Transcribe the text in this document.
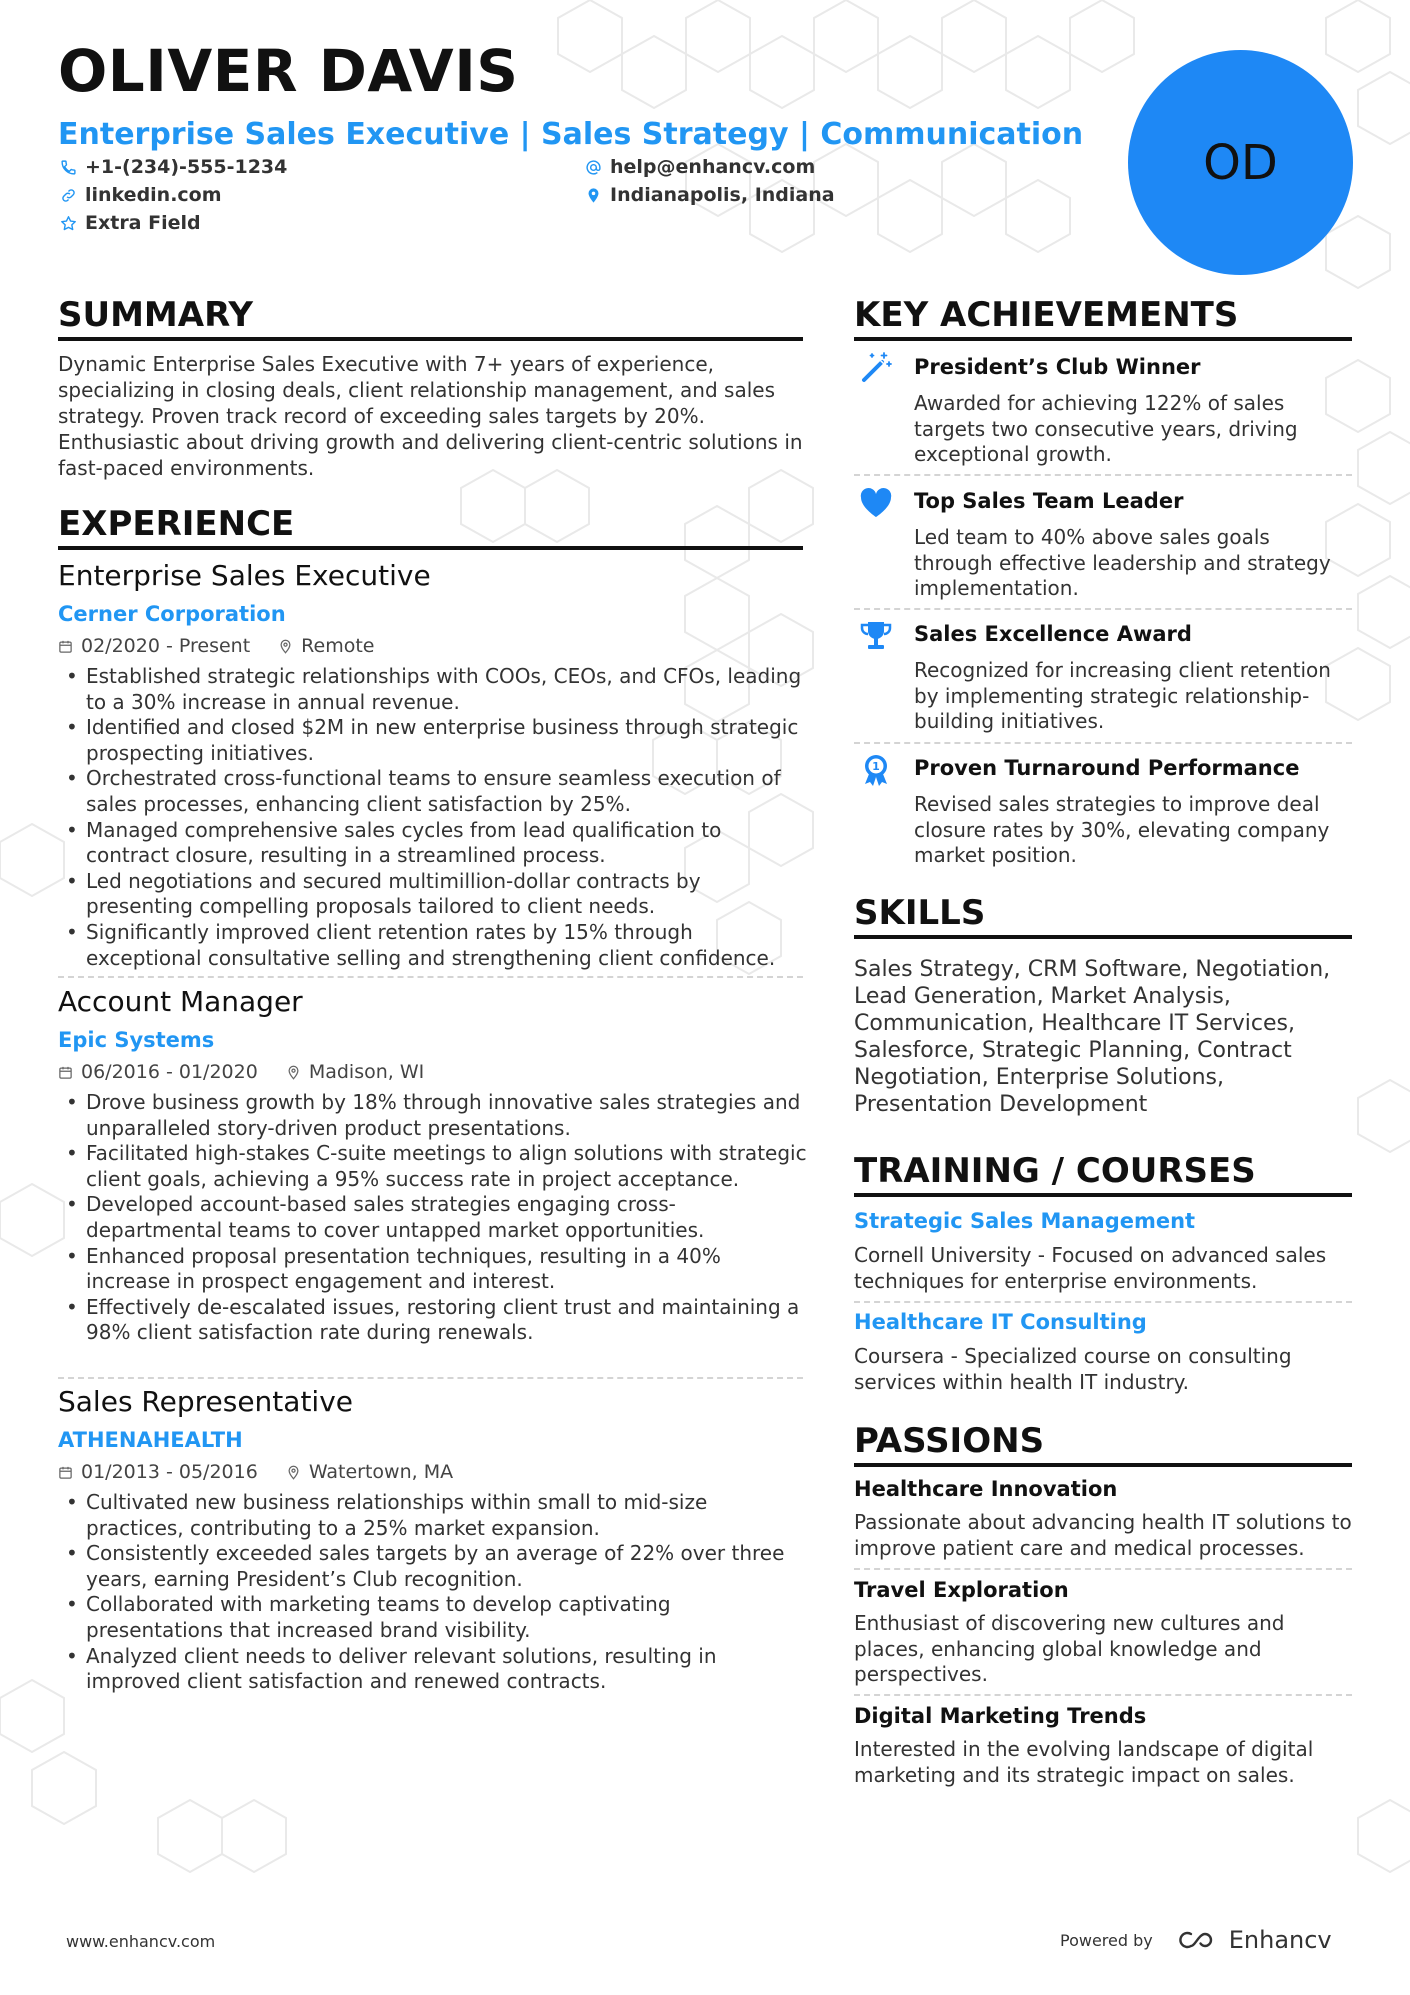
OLIVER DAVIS
Enterprise Sales Executive | Sales Strategy | Communication
+1-(234)-555-1234	help@enhancv.com
linkedin.com	Indianapolis, Indiana
Extra Field
OD
SUMMARY
Dynamic Enterprise Sales Executive with 7+ years of experience, specializing in closing deals, client relationship management, and sales strategy. Proven track record of exceeding sales targets by 20%. Enthusiastic about driving growth and delivering client-centric solutions in fast-paced environments.
EXPERIENCE
Enterprise Sales Executive
Cerner Corporation
02/2020 - Present	Remote
• Established strategic relationships with COOs, CEOs, and CFOs, leading to a 30% increase in annual revenue.
• Identified and closed $2M in new enterprise business through strategic prospecting initiatives.
• Orchestrated cross-functional teams to ensure seamless execution of sales processes, enhancing client satisfaction by 25%.
• Managed comprehensive sales cycles from lead qualification to contract closure, resulting in a streamlined process.
• Led negotiations and secured multimillion-dollar contracts by presenting compelling proposals tailored to client needs.
• Significantly improved client retention rates by 15% through exceptional consultative selling and strengthening client confidence.
Account Manager
Epic Systems
06/2016 - 01/2020	Madison, WI
• Drove business growth by 18% through innovative sales strategies and unparalleled story-driven product presentations.
• Facilitated high-stakes C-suite meetings to align solutions with strategic client goals, achieving a 95% success rate in project acceptance.
• Developed account-based sales strategies engaging cross-departmental teams to cover untapped market opportunities.
• Enhanced proposal presentation techniques, resulting in a 40% increase in prospect engagement and interest.
• Effectively de-escalated issues, restoring client trust and maintaining a 98% client satisfaction rate during renewals.
Sales Representative
ATHENAHEALTH
01/2013 - 05/2016	Watertown, MA
• Cultivated new business relationships within small to mid-size practices, contributing to a 25% market expansion.
• Consistently exceeded sales targets by an average of 22% over three years, earning President’s Club recognition.
• Collaborated with marketing teams to develop captivating presentations that increased brand visibility.
• Analyzed client needs to deliver relevant solutions, resulting in improved client satisfaction and renewed contracts.
KEY ACHIEVEMENTS
President’s Club Winner
Awarded for achieving 122% of sales targets two consecutive years, driving exceptional growth.
Top Sales Team Leader
Led team to 40% above sales goals through effective leadership and strategy implementation.
Sales Excellence Award
Recognized for increasing client retention by implementing strategic relationship-building initiatives.
1 Proven Turnaround Performance
Revised sales strategies to improve deal closure rates by 30%, elevating company market position.
SKILLS
Sales Strategy, CRM Software, Negotiation, Lead Generation, Market Analysis, Communication, Healthcare IT Services, Salesforce, Strategic Planning, Contract Negotiation, Enterprise Solutions, Presentation Development
TRAINING / COURSES
Strategic Sales Management
Cornell University - Focused on advanced sales techniques for enterprise environments.
Healthcare IT Consulting
Coursera - Specialized course on consulting services within health IT industry.
PASSIONS
Healthcare Innovation
Passionate about advancing health IT solutions to improve patient care and medical processes.
Travel Exploration
Enthusiast of discovering new cultures and places, enhancing global knowledge and perspectives.
Digital Marketing Trends
Interested in the evolving landscape of digital marketing and its strategic impact on sales.
www.enhancv.com	Powered by	Enhancv
